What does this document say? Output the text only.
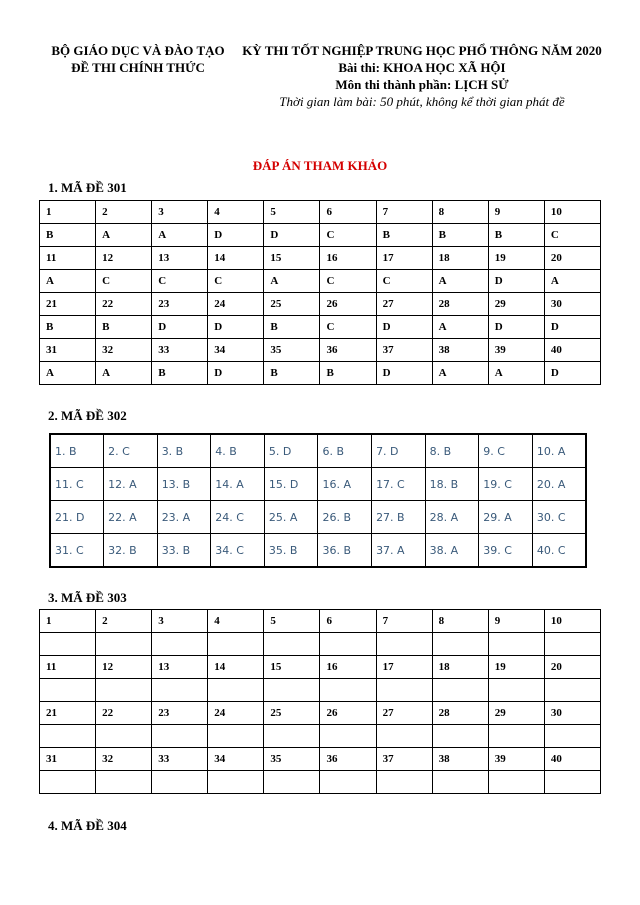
BỘ GIÁO DỤC VÀ ĐÀO TẠO
ĐỀ THI CHÍNH THỨC
KỲ THI TỐT NGHIỆP TRUNG HỌC PHỔ THÔNG NĂM 2020
Bài thi: KHOA HỌC XÃ HỘI
Môn thi thành phần: LỊCH SỬ
Thời gian làm bài: 50 phút, không kể thời gian phát đề
ĐÁP ÁN THAM KHẢO
1. MÃ ĐỀ 301
1	2	3	4	5	6	7	8	9	10
B	A	A	D	D	C	B	B	B	C
11	12	13	14	15	16	17	18	19	20
A	C	C	C	A	C	C	A	D	A
21	22	23	24	25	26	27	28	29	30
B	B	D	D	B	C	D	A	D	D
31	32	33	34	35	36	37	38	39	40
A	A	B	D	B	B	D	A	A	D
2. MÃ ĐỀ 302
1. B	2. C	3. B	4. B	5. D	6. B	7. D	8. B	9. C	10. A
11. C	12. A	13. B	14. A	15. D	16. A	17. C	18. B	19. C	20. A
21. D	22. A	23. A	24. C	25. A	26. B	27. B	28. A	29. A	30. C
31. C	32. B	33. B	34. C	35. B	36. B	37. A	38. A	39. C	40. C
3. MÃ ĐỀ 303
1	2	3	4	5	6	7	8	9	10

11	12	13	14	15	16	17	18	19	20

21	22	23	24	25	26	27	28	29	30

31	32	33	34	35	36	37	38	39	40

4. MÃ ĐỀ 304
